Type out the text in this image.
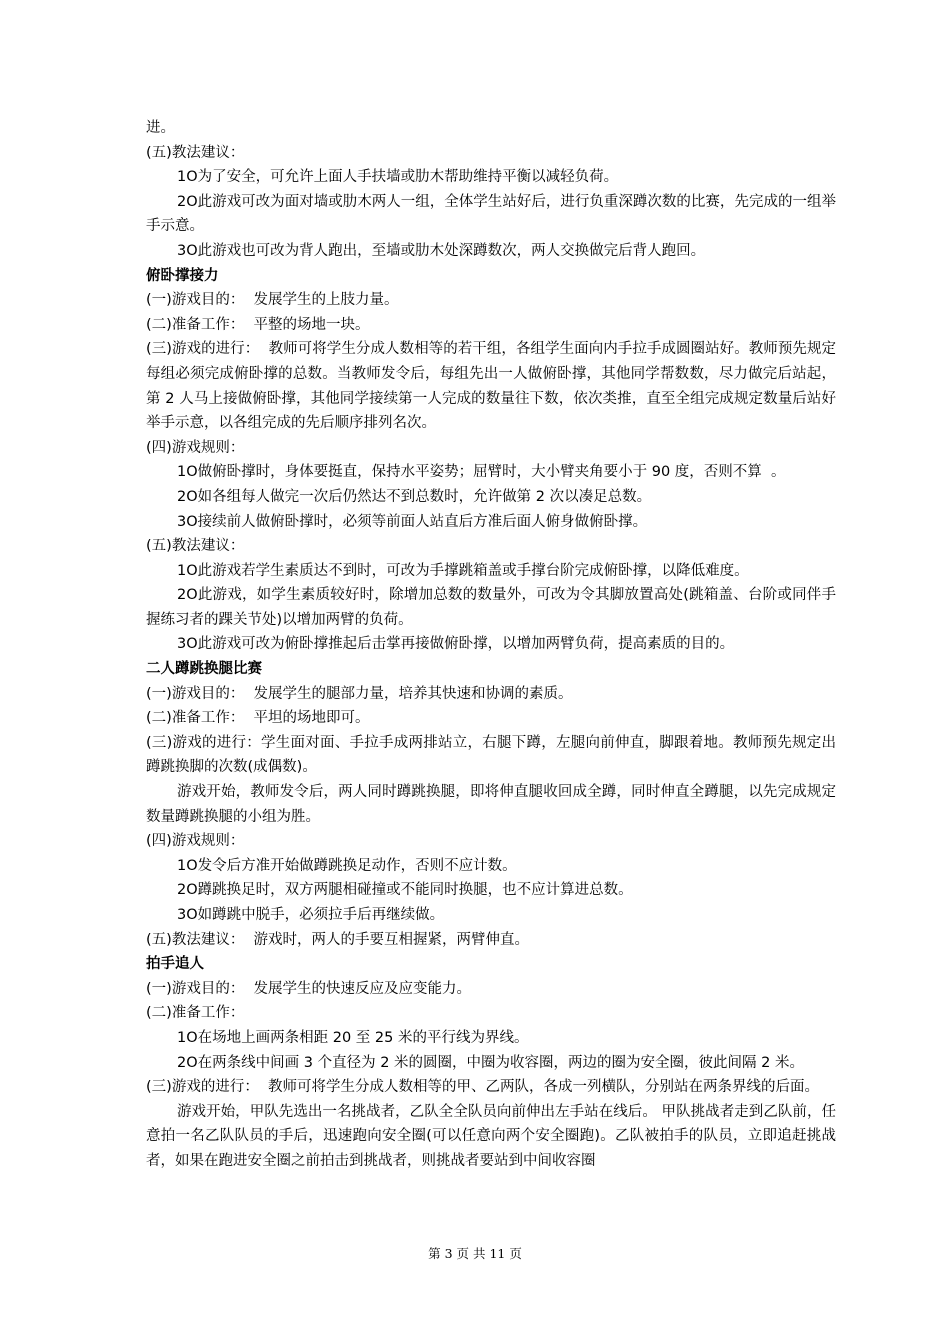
进。

(五)教法建议：

1O为了安全，可允许上面人手扶墙或肋木帮助维持平衡以减轻负荷。

2O此游戏可改为面对墙或肋木两人一组，全体学生站好后，进行负重深蹲次数的比赛，先完成的一组举手示意。

3O此游戏也可改为背人跑出，至墙或肋木处深蹲数次，两人交换做完后背人跑回。

俯卧撑接力

(一)游戏目的：  发展学生的上肢力量。

(二)准备工作：  平整的场地一块。

(三)游戏的进行：  教师可将学生分成人数相等的若干组，各组学生面向内手拉手成圆圈站好。教师预先规定每组必须完成俯卧撑的总数。当教师发令后，每组先出一人做俯卧撑，其他同学帮数数，尽力做完后站起，第 2 人马上接做俯卧撑，其他同学接续第一人完成的数量往下数，依次类推，直至全组完成规定数量后站好举手示意，以各组完成的先后顺序排列名次。

(四)游戏规则：

1O做俯卧撑时，身体要挺直，保持水平姿势；屈臂时，大小臂夹角要小于 90 度，否则不算  。

2O如各组每人做完一次后仍然达不到总数时，允许做第 2 次以凑足总数。

3O接续前人做俯卧撑时，必须等前面人站直后方准后面人俯身做俯卧撑。

(五)教法建议：

1O此游戏若学生素质达不到时，可改为手撑跳箱盖或手撑台阶完成俯卧撑，以降低难度。

2O此游戏，如学生素质较好时，除增加总数的数量外，可改为令其脚放置高处(跳箱盖、台阶或同伴手握练习者的踝关节处)以增加两臂的负荷。

3O此游戏可改为俯卧撑推起后击掌再接做俯卧撑，以增加两臂负荷，提高素质的目的。

二人蹲跳换腿比赛

(一)游戏目的：  发展学生的腿部力量，培养其快速和协调的素质。

(二)准备工作：  平坦的场地即可。

(三)游戏的进行：学生面对面、手拉手成两排站立，右腿下蹲，左腿向前伸直，脚跟着地。教师预先规定出蹲跳换脚的次数(成偶数)。

游戏开始，教师发令后，两人同时蹲跳换腿，即将伸直腿收回成全蹲，同时伸直全蹲腿，以先完成规定数量蹲跳换腿的小组为胜。

(四)游戏规则：

1O发令后方准开始做蹲跳换足动作，否则不应计数。

2O蹲跳换足时，双方两腿相碰撞或不能同时换腿，也不应计算进总数。

3O如蹲跳中脱手，必须拉手后再继续做。

(五)教法建议：  游戏时，两人的手要互相握紧，两臂伸直。

拍手追人

(一)游戏目的：  发展学生的快速反应及应变能力。

(二)准备工作：

1O在场地上画两条相距 20 至 25 米的平行线为界线。

2O在两条线中间画 3 个直径为 2 米的圆圈，中圈为收容圈，两边的圈为安全圈，彼此间隔 2 米。

(三)游戏的进行：  教师可将学生分成人数相等的甲、乙两队，各成一列横队，分别站在两条界线的后面。

游戏开始，甲队先选出一名挑战者，乙队全全队员向前伸出左手站在线后。 甲队挑战者走到乙队前，任意拍一名乙队队员的手后，迅速跑向安全圈(可以任意向两个安全圈跑)。乙队被拍手的队员，立即追赶挑战者，如果在跑进安全圈之前拍击到挑战者，则挑战者要站到中间收容圈

第 3 页 共 11 页
